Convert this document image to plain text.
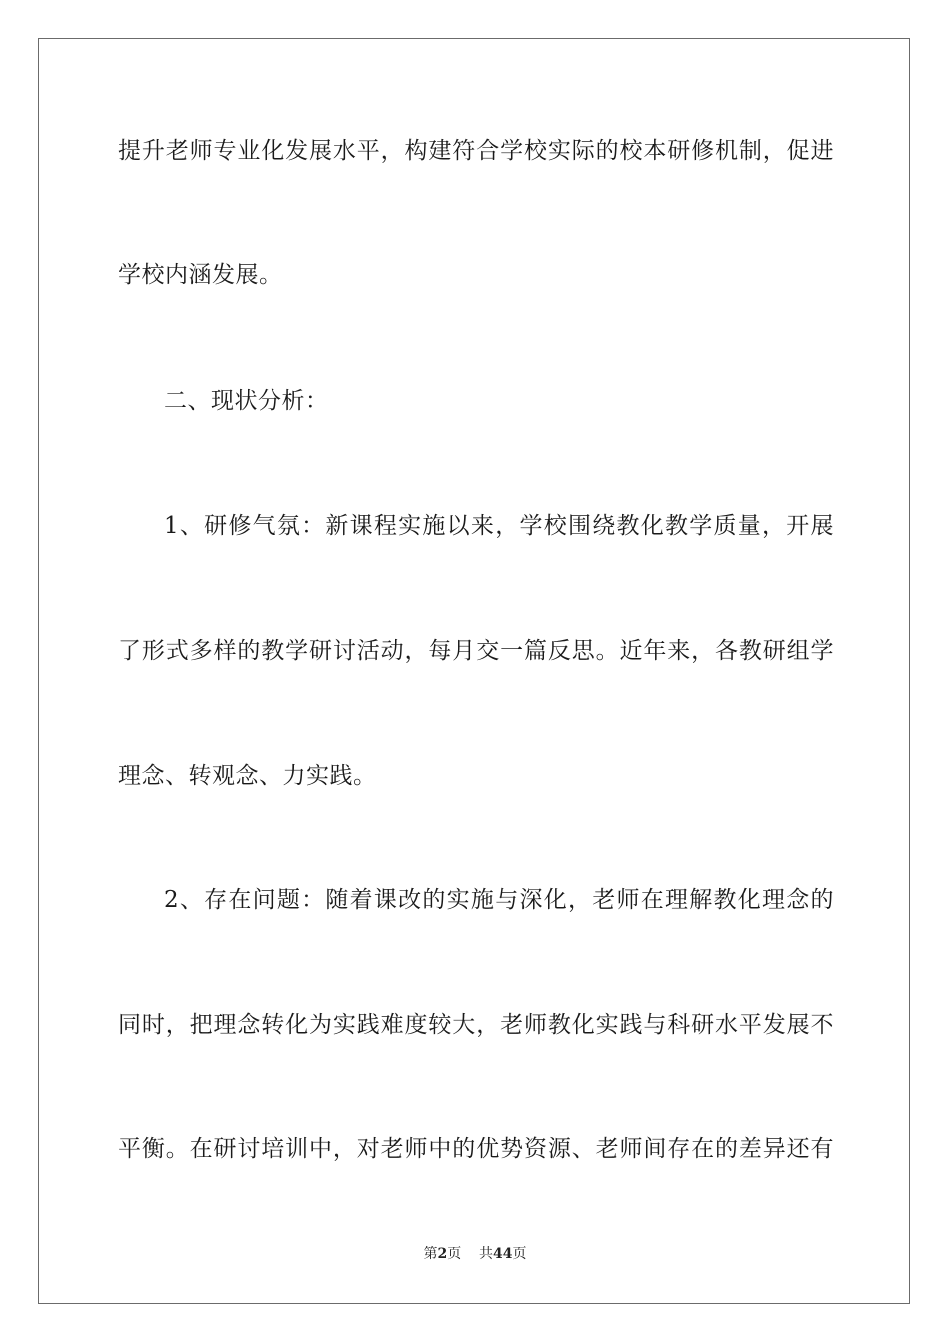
提升老师专业化发展水平，构建符合学校实际的校本研修机制，促进
学校内涵发展。
二、现状分析：
1、研修气氛：新课程实施以来，学校围绕教化教学质量，开展
了形式多样的教学研讨活动，每月交一篇反思。近年来，各教研组学
理念、转观念、力实践。
2、存在问题：随着课改的实施与深化，老师在理解教化理念的
同时，把理念转化为实践难度较大，老师教化实践与科研水平发展不
平衡。在研讨培训中，对老师中的优势资源、老师间存在的差异还有
第2页 共44页
